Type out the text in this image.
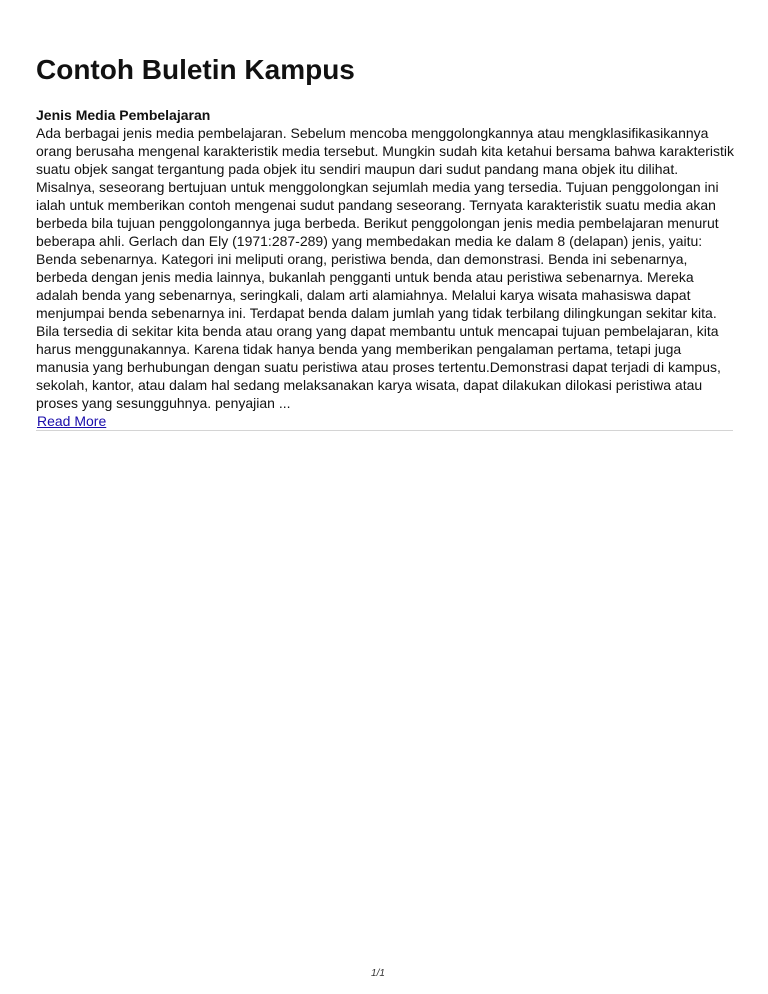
Contoh Buletin Kampus
Jenis Media Pembelajaran

Ada berbagai jenis media pembelajaran. Sebelum mencoba menggolongkannya atau mengklasifikasikannya
orang berusaha mengenal karakteristik media tersebut. Mungkin sudah kita ketahui bersama bahwa karakteristik
suatu objek sangat tergantung pada objek itu sendiri maupun dari sudut pandang mana objek itu dilihat.
Misalnya, seseorang bertujuan untuk menggolongkan sejumlah media yang tersedia. Tujuan penggolongan ini
ialah untuk memberikan contoh mengenai sudut pandang seseorang. Ternyata karakteristik suatu media akan
berbeda bila tujuan penggolongannya juga berbeda. Berikut penggolongan jenis media pembelajaran menurut
beberapa ahli. Gerlach dan Ely (1971:287-289) yang membedakan media ke dalam 8 (delapan) jenis, yaitu:
Benda sebenarnya. Kategori ini meliputi orang, peristiwa benda, dan demonstrasi. Benda ini sebenarnya,
berbeda dengan jenis media lainnya, bukanlah pengganti untuk benda atau peristiwa sebenarnya. Mereka
adalah benda yang sebenarnya, seringkali, dalam arti alamiahnya. Melalui karya wisata mahasiswa dapat
menjumpai benda sebenarnya ini. Terdapat benda dalam jumlah yang tidak terbilang dilingkungan sekitar kita.
Bila tersedia di sekitar kita benda atau orang yang dapat membantu untuk mencapai tujuan pembelajaran, kita
harus menggunakannya. Karena tidak hanya benda yang memberikan pengalaman pertama, tetapi juga
manusia yang berhubungan dengan suatu peristiwa atau proses tertentu.Demonstrasi dapat terjadi di kampus,
sekolah, kantor, atau dalam hal sedang melaksanakan karya wisata, dapat dilakukan dilokasi peristiwa atau
proses yang sesungguhnya. penyajian ...

Read More
1/1
